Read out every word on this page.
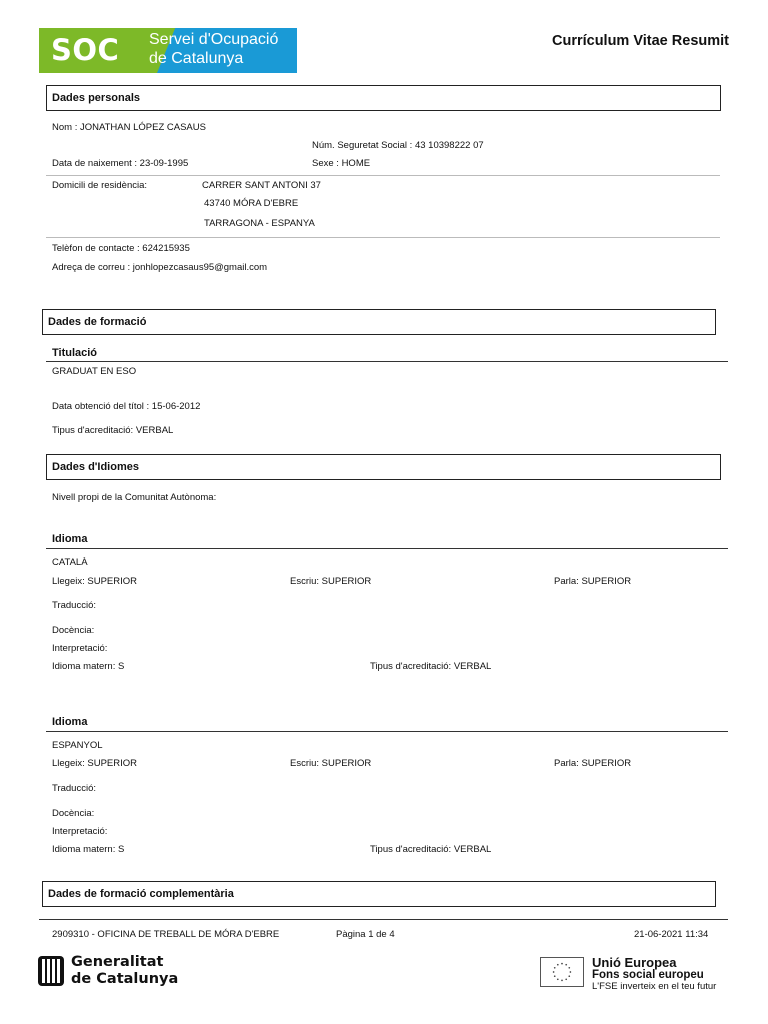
SOC Servei d'Ocupació
de Catalunya
Currículum Vitae Resumit
Dades personals
Nom : JONATHAN LÓPEZ CASAUS
Núm. Seguretat Social : 43 10398222 07
Data de naixement : 23-09-1995	Sexe : HOME
Domicili de residència:	CARRER SANT ANTONI 37
43740 MÓRA D'EBRE
TARRAGONA - ESPANYA
Telèfon de contacte : 624215935
Adreça de correu : jonhlopezcasaus95@gmail.com
Dades de formació
Titulació
GRADUAT EN ESO
Data obtenció del títol : 15-06-2012
Tipus d'acreditació: VERBAL
Dades d'Idiomes
Nivell propi de la Comunitat Autònoma:
Idioma
CATALÀ
Llegeix: SUPERIOR	Escriu: SUPERIOR	Parla: SUPERIOR
Traducció:
Docència:
Interpretació:
Idioma matern: S	Tipus d'acreditació: VERBAL
Idioma
ESPANYOL
Llegeix: SUPERIOR	Escriu: SUPERIOR	Parla: SUPERIOR
Traducció:
Docència:
Interpretació:
Idioma matern: S	Tipus d'acreditació: VERBAL
Dades de formació complementària
2909310 - OFICINA DE TREBALL DE MÓRA D'EBRE	Pàgina 1 de 4	21-06-2021 11:34
Generalitat
de Catalunya
Unió Europea
Fons social europeu
L'FSE inverteix en el teu futur
